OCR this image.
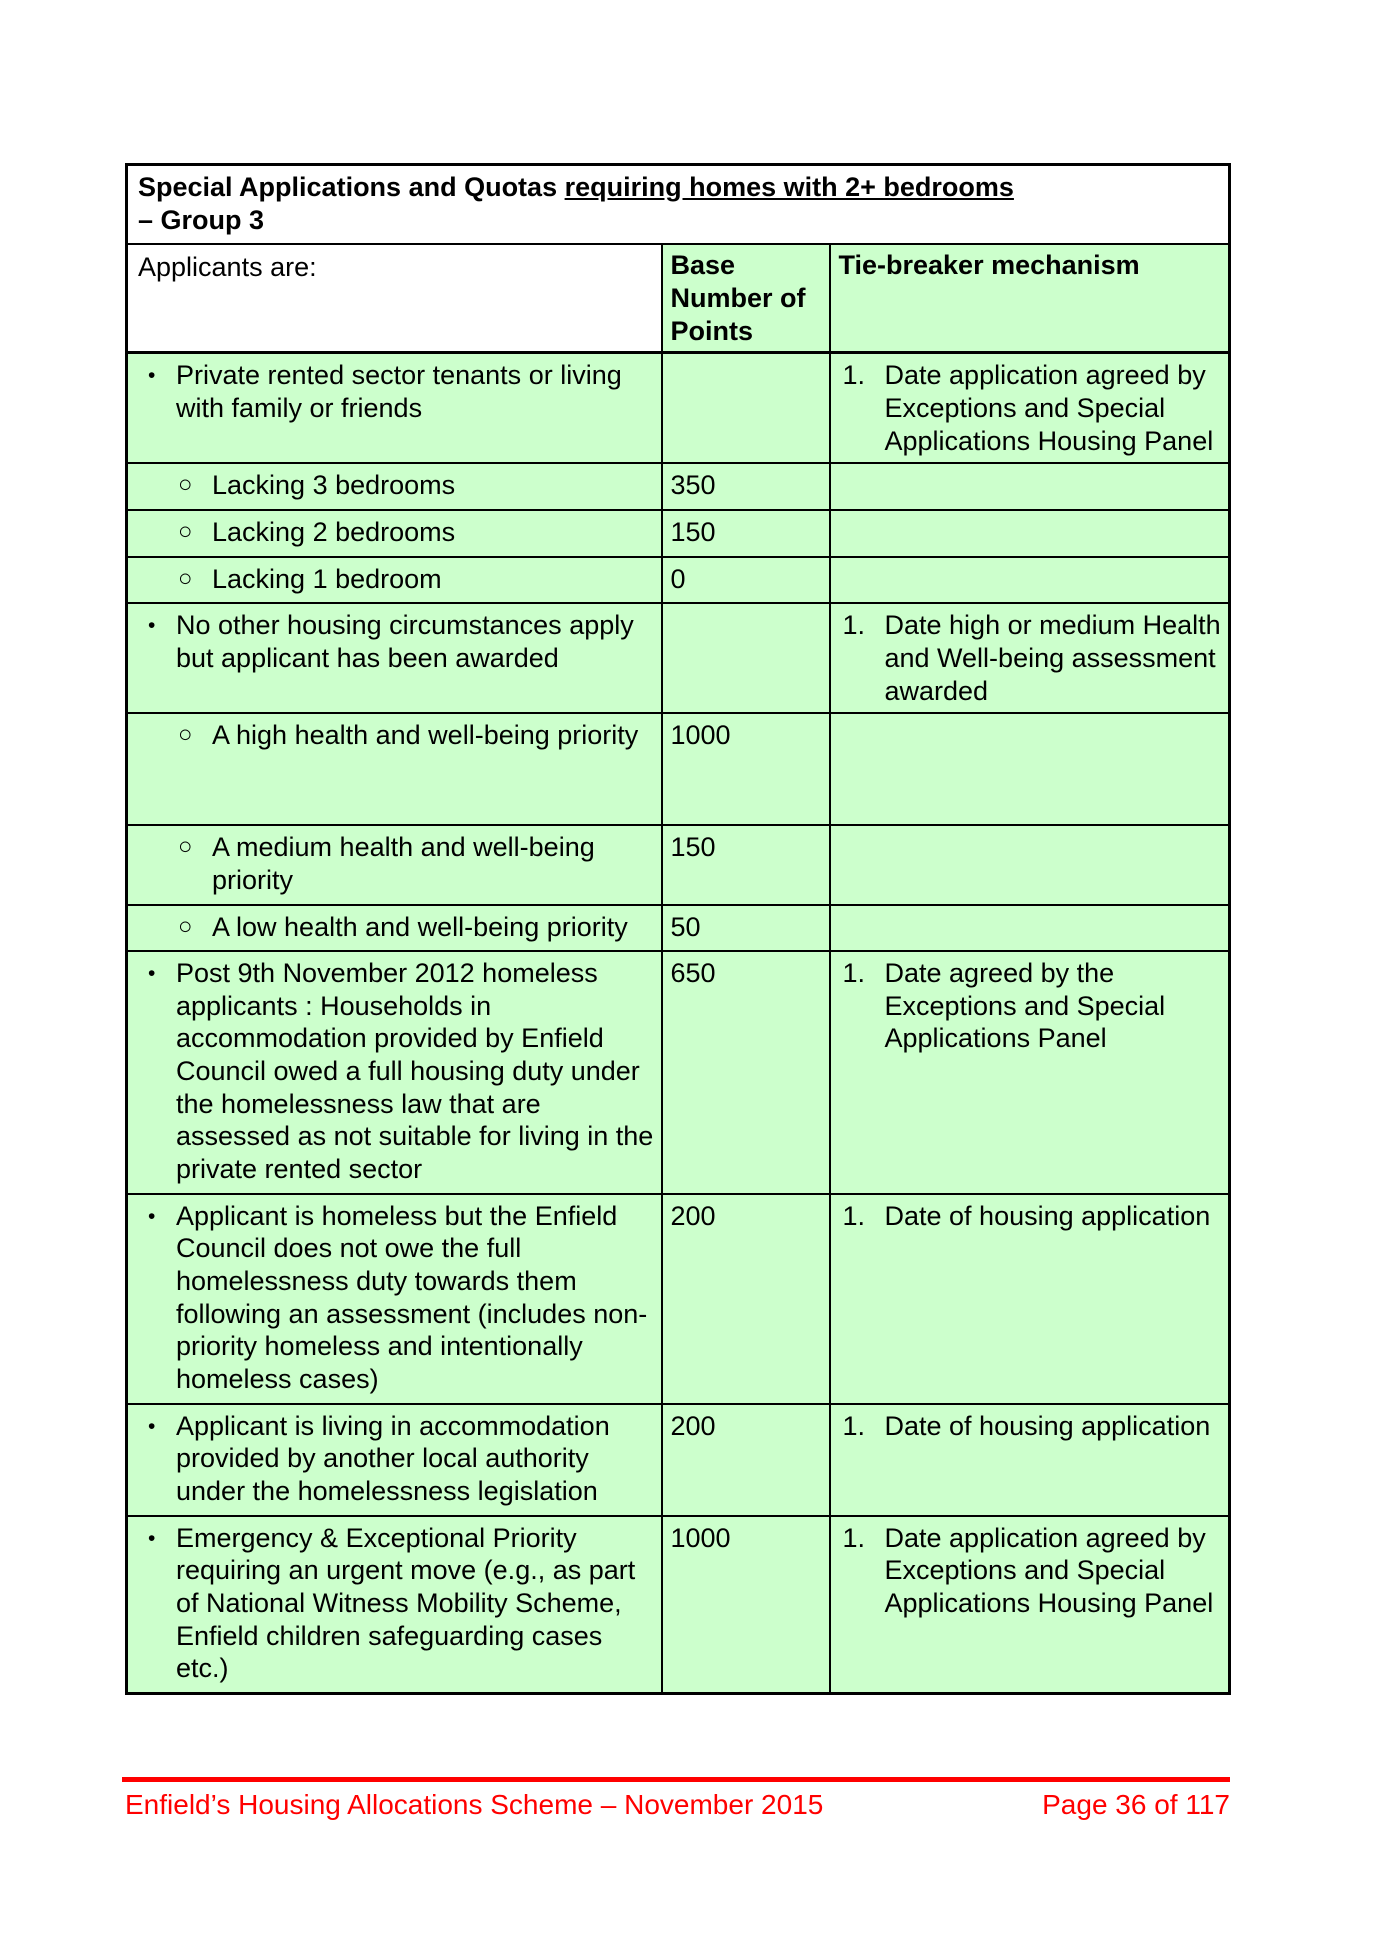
Special Applications and Quotas requiring homes with 2+ bedrooms
– Group 3		

Applicants are:	Base Number of Points	Tie-breaker mechanism

• Private rented sector tenants or living with family or friends		1. Date application agreed by Exceptions and Special Applications Housing Panel

○ Lacking 3 bedrooms	350	

○ Lacking 2 bedrooms	150	

○ Lacking 1 bedroom	0	

• No other housing circumstances apply but applicant has been awarded		1. Date high or medium Health and Well-being assessment awarded

○ A high health and well-being priority	1000	

○ A medium health and well-being priority	150	

○ A low health and well-being priority	50	

• Post 9th November 2012 homeless applicants : Households in accommodation provided by Enfield Council owed a full housing duty under the homelessness law that are assessed as not suitable for living in the private rented sector	650	1. Date agreed by the Exceptions and Special Applications Panel

• Applicant is homeless but the Enfield Council does not owe the full homelessness duty towards them following an assessment (includes non-priority homeless and intentionally homeless cases)	200	1. Date of housing application

• Applicant is living in accommodation provided by another local authority under the homelessness legislation	200	1. Date of housing application

• Emergency & Exceptional Priority requiring an urgent move (e.g., as part of National Witness Mobility Scheme, Enfield children safeguarding cases etc.)	1000	1. Date application agreed by Exceptions and Special Applications Housing Panel
Enfield’s Housing Allocations Scheme – November 2015	Page 36 of 117
